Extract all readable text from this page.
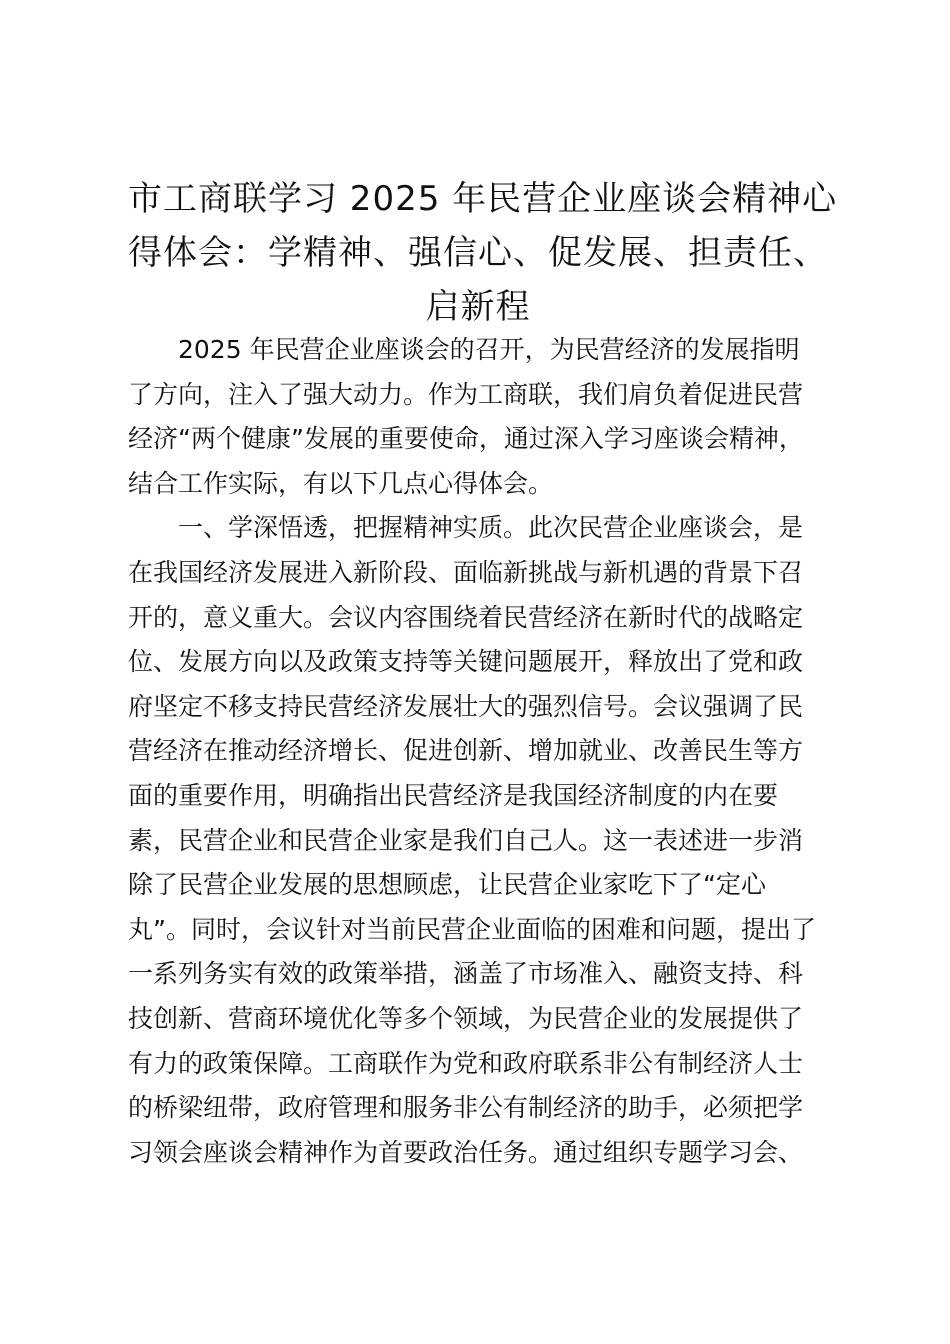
市工商联学习 2025 年民营企业座谈会精神心
得体会：学精神、强信心、促发展、担责任、
启新程
2025 年民营企业座谈会的召开，为民营经济的发展指明
了方向，注入了强大动力。作为工商联，我们肩负着促进民营
经济“两个健康”发展的重要使命，通过深入学习座谈会精神，
结合工作实际，有以下几点心得体会。
一、学深悟透，把握精神实质。此次民营企业座谈会，是
在我国经济发展进入新阶段、面临新挑战与新机遇的背景下召
开的，意义重大。会议内容围绕着民营经济在新时代的战略定
位、发展方向以及政策支持等关键问题展开，释放出了党和政
府坚定不移支持民营经济发展壮大的强烈信号。会议强调了民
营经济在推动经济增长、促进创新、增加就业、改善民生等方
面的重要作用，明确指出民营经济是我国经济制度的内在要
素，民营企业和民营企业家是我们自己人。这一表述进一步消
除了民营企业发展的思想顾虑，让民营企业家吃下了“定心
丸”。同时，会议针对当前民营企业面临的困难和问题，提出了
一系列务实有效的政策举措，涵盖了市场准入、融资支持、科
技创新、营商环境优化等多个领域，为民营企业的发展提供了
有力的政策保障。工商联作为党和政府联系非公有制经济人士
的桥梁纽带，政府管理和服务非公有制经济的助手，必须把学
习领会座谈会精神作为首要政治任务。通过组织专题学习会、
